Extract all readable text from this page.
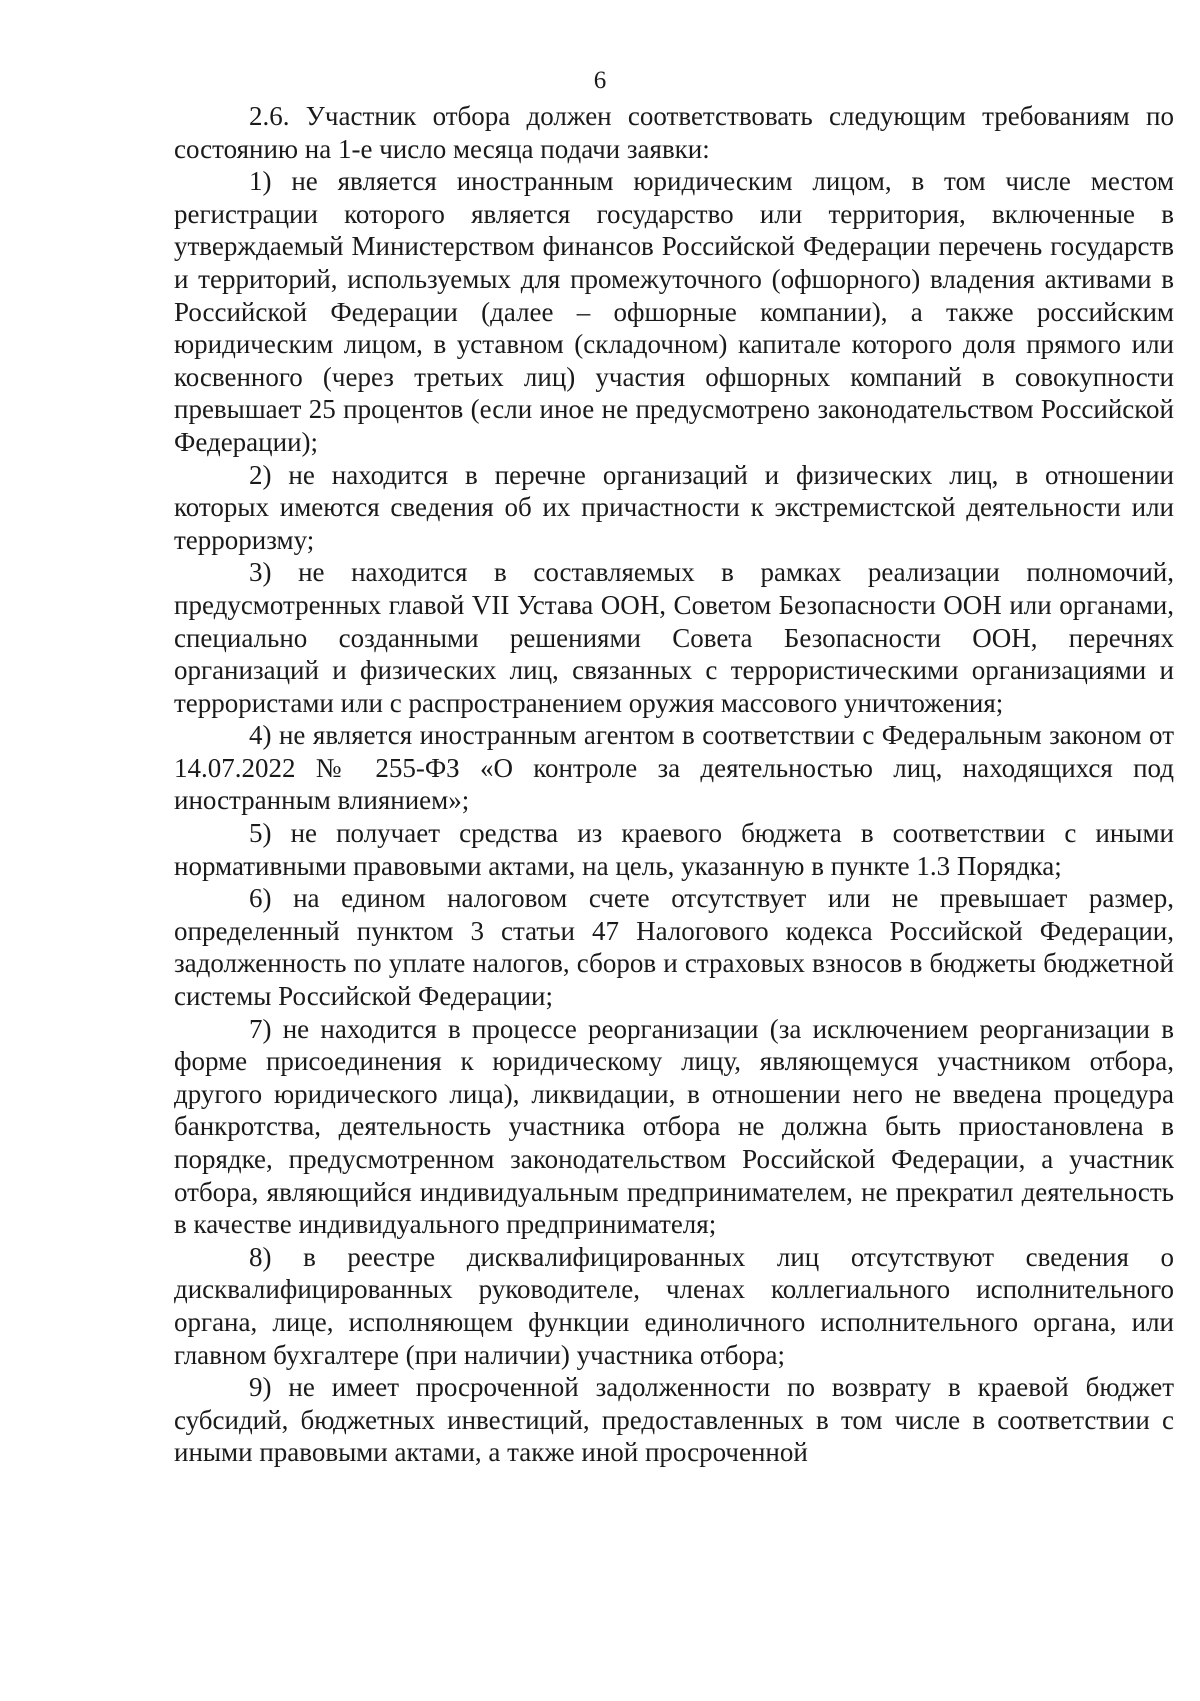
6

2.6. Участник отбора должен соответствовать следующим требованиям по состоянию на 1-е число месяца подачи заявки:

1) не является иностранным юридическим лицом, в том числе местом регистрации которого является государство или территория, включенные в утверждаемый Министерством финансов Российской Федерации перечень государств и территорий, используемых для промежуточного (офшорного) владения активами в Российской Федерации (далее – офшорные компании), а также российским юридическим лицом, в уставном (складочном) капитале которого доля прямого или косвенного (через третьих лиц) участия офшорных компаний в совокупности превышает 25 процентов (если иное не предусмотрено законодательством Российской Федерации);

2) не находится в перечне организаций и физических лиц, в отношении которых имеются сведения об их причастности к экстремистской деятельности или терроризму;

3) не находится в составляемых в рамках реализации полномочий, предусмотренных главой VII Устава ООН, Советом Безопасности ООН или органами, специально созданными решениями Совета Безопасности ООН, перечнях организаций и физических лиц, связанных с террористическими организациями и террористами или с распространением оружия массового уничтожения;

4) не является иностранным агентом в соответствии с Федеральным законом от 14.07.2022 № 255-ФЗ «О контроле за деятельностью лиц, находящихся под иностранным влиянием»;

5) не получает средства из краевого бюджета в соответствии с иными нормативными правовыми актами, на цель, указанную в пункте 1.3 Порядка;

6) на едином налоговом счете отсутствует или не превышает размер, определенный пунктом 3 статьи 47 Налогового кодекса Российской Федерации, задолженность по уплате налогов, сборов и страховых взносов в бюджеты бюджетной системы Российской Федерации;

7) не находится в процессе реорганизации (за исключением реорганизации в форме присоединения к юридическому лицу, являющемуся участником отбора, другого юридического лица), ликвидации, в отношении него не введена процедура банкротства, деятельность участника отбора не должна быть приостановлена в порядке, предусмотренном законодательством Российской Федерации, а участник отбора, являющийся индивидуальным предпринимателем, не прекратил деятельность в качестве индивидуального предпринимателя;

8) в реестре дисквалифицированных лиц отсутствуют сведения о дисквалифицированных руководителе, членах коллегиального исполнительного органа, лице, исполняющем функции единоличного исполнительного органа, или главном бухгалтере (при наличии) участника отбора;

9) не имеет просроченной задолженности по возврату в краевой бюджет субсидий, бюджетных инвестиций, предоставленных в том числе в соответствии с иными правовыми актами, а также иной просроченной
